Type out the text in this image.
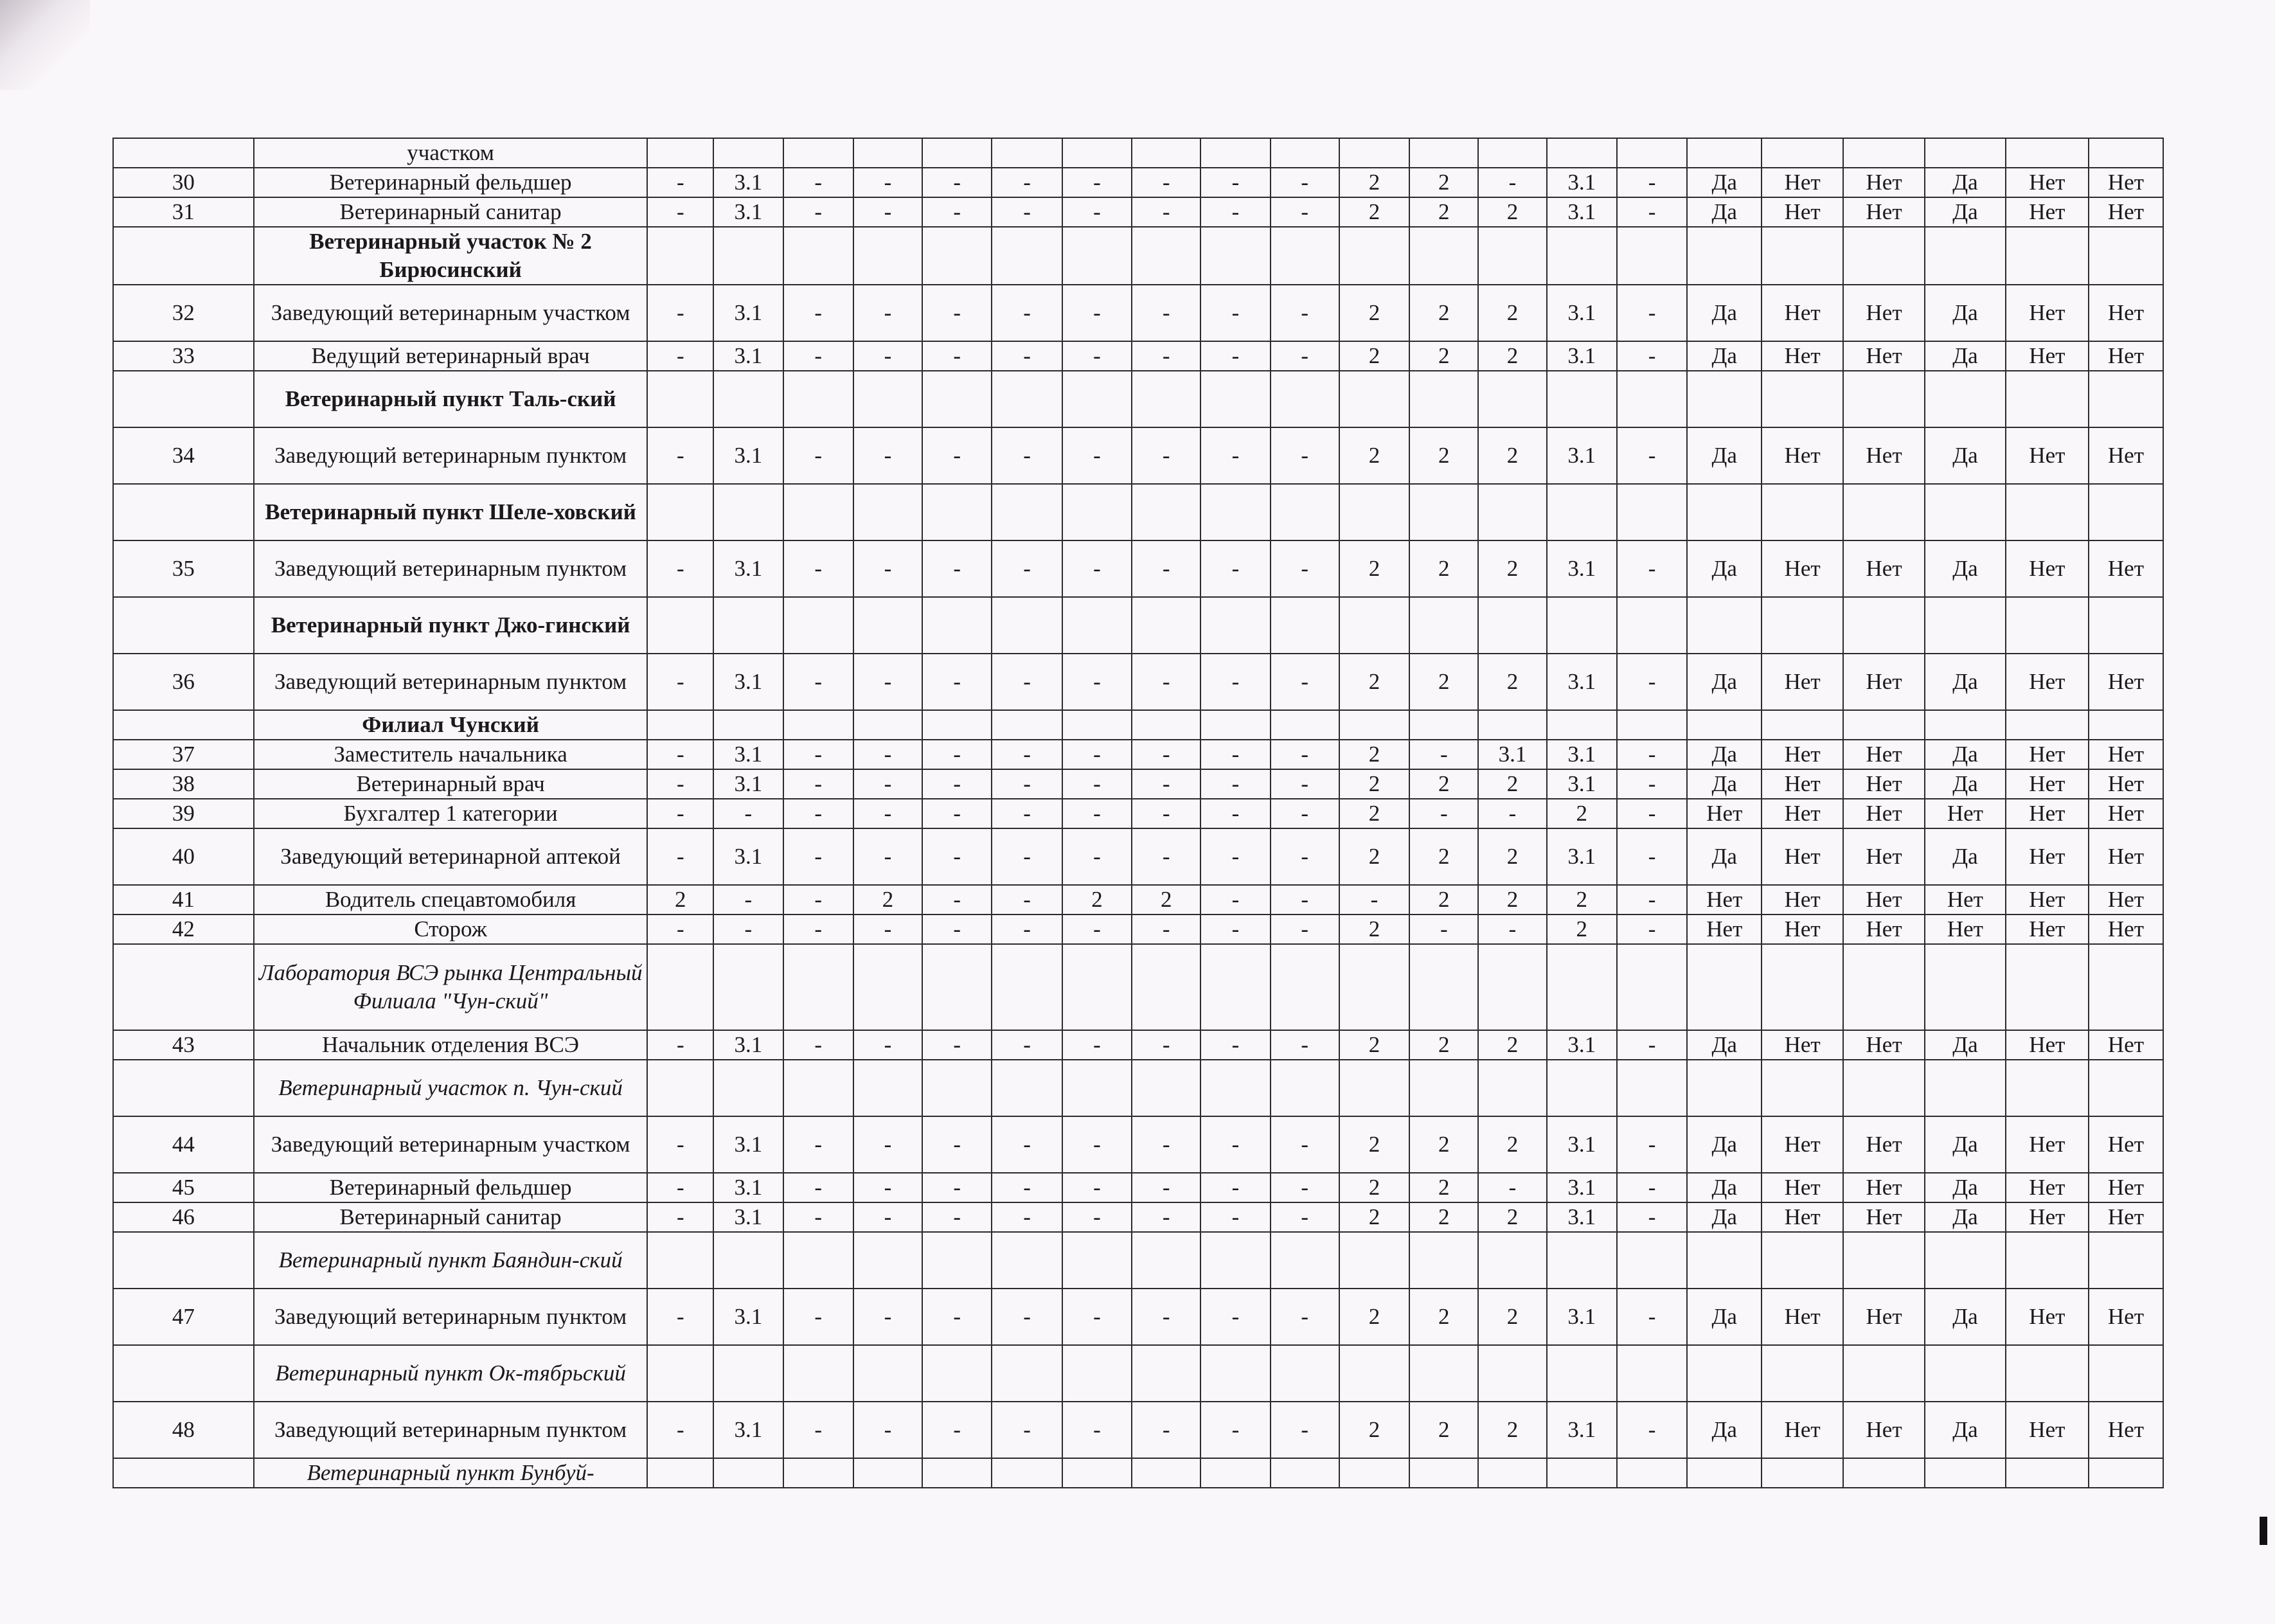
	участком																					
30	Ветеринарный фельдшер	-	3.1	-	-	-	-	-	-	-	-	2	2	-	3.1	-	Да	Нет	Нет	Да	Нет	Нет
31	Ветеринарный санитар	-	3.1	-	-	-	-	-	-	-	-	2	2	2	3.1	-	Да	Нет	Нет	Да	Нет	Нет
	Ветеринарный участок № 2 Бирюсинский																					
32	Заведующий ветеринарным участком	-	3.1	-	-	-	-	-	-	-	-	2	2	2	3.1	-	Да	Нет	Нет	Да	Нет	Нет
33	Ведущий ветеринарный врач	-	3.1	-	-	-	-	-	-	-	-	2	2	2	3.1	-	Да	Нет	Нет	Да	Нет	Нет
	Ветеринарный пункт Таль-ский																					
34	Заведующий ветеринарным пунктом	-	3.1	-	-	-	-	-	-	-	-	2	2	2	3.1	-	Да	Нет	Нет	Да	Нет	Нет
	Ветеринарный пункт Шеле-ховский																					
35	Заведующий ветеринарным пунктом	-	3.1	-	-	-	-	-	-	-	-	2	2	2	3.1	-	Да	Нет	Нет	Да	Нет	Нет
	Ветеринарный пункт Джо-гинский																					
36	Заведующий ветеринарным пунктом	-	3.1	-	-	-	-	-	-	-	-	2	2	2	3.1	-	Да	Нет	Нет	Да	Нет	Нет
	Филиал Чунский																					
37	Заместитель начальника	-	3.1	-	-	-	-	-	-	-	-	2	-	3.1	3.1	-	Да	Нет	Нет	Да	Нет	Нет
38	Ветеринарный врач	-	3.1	-	-	-	-	-	-	-	-	2	2	2	3.1	-	Да	Нет	Нет	Да	Нет	Нет
39	Бухгалтер 1 категории	-	-	-	-	-	-	-	-	-	-	2	-	-	2	-	Нет	Нет	Нет	Нет	Нет	Нет
40	Заведующий ветеринарной аптекой	-	3.1	-	-	-	-	-	-	-	-	2	2	2	3.1	-	Да	Нет	Нет	Да	Нет	Нет
41	Водитель спецавтомобиля	2	-	-	2	-	-	2	2	-	-	-	2	2	2	-	Нет	Нет	Нет	Нет	Нет	Нет
42	Сторож	-	-	-	-	-	-	-	-	-	-	2	-	-	2	-	Нет	Нет	Нет	Нет	Нет	Нет
	Лаборатория ВСЭ рынка Центральный Филиала "Чун-ский"																					
43	Начальник отделения ВСЭ	-	3.1	-	-	-	-	-	-	-	-	2	2	2	3.1	-	Да	Нет	Нет	Да	Нет	Нет
	Ветеринарный участок п. Чун-ский																					
44	Заведующий ветеринарным участком	-	3.1	-	-	-	-	-	-	-	-	2	2	2	3.1	-	Да	Нет	Нет	Да	Нет	Нет
45	Ветеринарный фельдшер	-	3.1	-	-	-	-	-	-	-	-	2	2	-	3.1	-	Да	Нет	Нет	Да	Нет	Нет
46	Ветеринарный санитар	-	3.1	-	-	-	-	-	-	-	-	2	2	2	3.1	-	Да	Нет	Нет	Да	Нет	Нет
	Ветеринарный пункт Баяндин-ский																					
47	Заведующий ветеринарным пунктом	-	3.1	-	-	-	-	-	-	-	-	2	2	2	3.1	-	Да	Нет	Нет	Да	Нет	Нет
	Ветеринарный пункт Ок-тябрьский																					
48	Заведующий ветеринарным пунктом	-	3.1	-	-	-	-	-	-	-	-	2	2	2	3.1	-	Да	Нет	Нет	Да	Нет	Нет
	Ветеринарный пункт Бунбуй-																					
